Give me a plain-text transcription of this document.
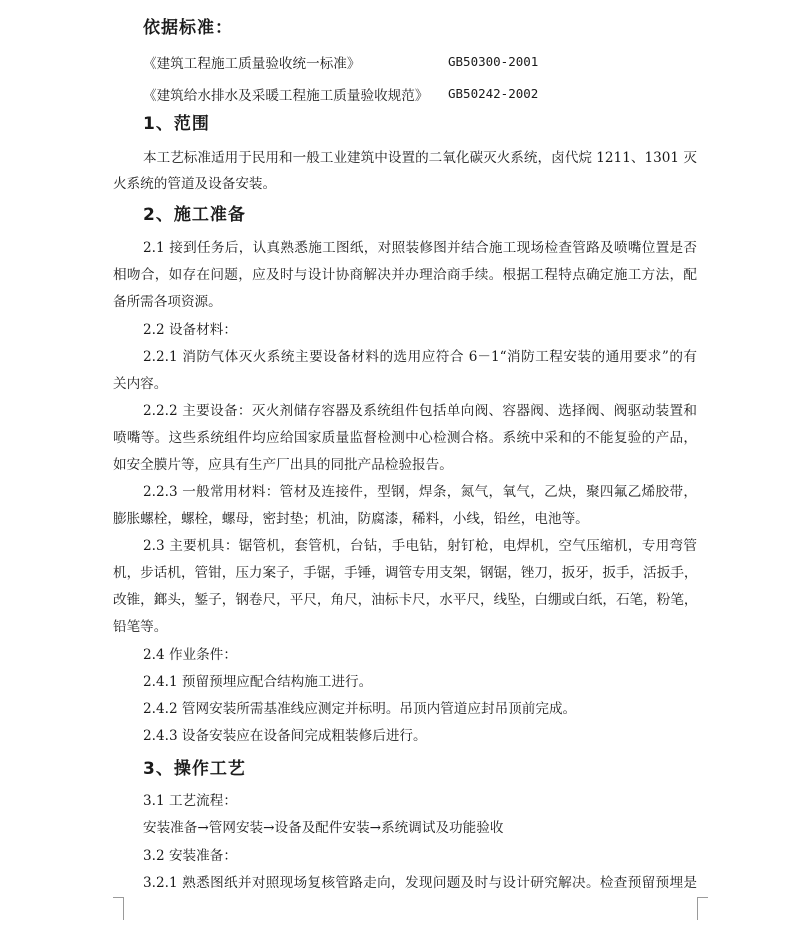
依据标准：
《建筑工程施工质量验收统一标准》	GB50300-2001
《建筑给水排水及采暖工程施工质量验收规范》 GB50242-2002
1、范围
本工艺标准适用于民用和一般工业建筑中设置的二氧化碳灭火系统，卤代烷 1211、1301 灭
火系统的管道及设备安装。
2、施工准备
2.1 接到任务后，认真熟悉施工图纸，对照装修图并结合施工现场检查管路及喷嘴位置是否
相吻合，如存在问题，应及时与设计协商解决并办理洽商手续。根据工程特点确定施工方法，配
备所需各项资源。
2.2 设备材料：
2.2.1 消防气体灭火系统主要设备材料的选用应符合 6－1“消防工程安装的通用要求”的有
关内容。
2.2.2 主要设备：灭火剂储存容器及系统组件包括单向阀、容器阀、选择阀、阀驱动装置和
喷嘴等。这些系统组件均应给国家质量监督检测中心检测合格。系统中采和的不能复验的产品，
如安全膜片等，应具有生产厂出具的同批产品检验报告。
2.2.3 一般常用材料：管材及连接件，型钢，焊条，氮气，氧气，乙炔，聚四氟乙烯胶带，
膨胀螺栓，螺栓，螺母，密封垫；机油，防腐漆，稀料，小线，铅丝，电池等。
2.3 主要机具：锯管机，套管机，台钻，手电钻，射钉枪，电焊机，空气压缩机，专用弯管
机，步话机，管钳，压力案子，手锯，手锤，调管专用支架，钢锯，锉刀，扳牙，扳手，活扳手，
改锥，鎯头，錾子，钢卷尺，平尺，角尺，油标卡尺，水平尺，线坠，白绷或白纸，石笔，粉笔，
铅笔等。
2.4 作业条件：
2.4.1 预留预埋应配合结构施工进行。
2.4.2 管网安装所需基准线应测定并标明。吊顶内管道应封吊顶前完成。
2.4.3 设备安装应在设备间完成粗装修后进行。
3、操作工艺
3.1 工艺流程：
安装准备→管网安装→设备及配件安装→系统调试及功能验收
3.2 安装准备：
3.2.1 熟悉图纸并对照现场复核管路走向，发现问题及时与设计研究解决。检查预留预埋是
